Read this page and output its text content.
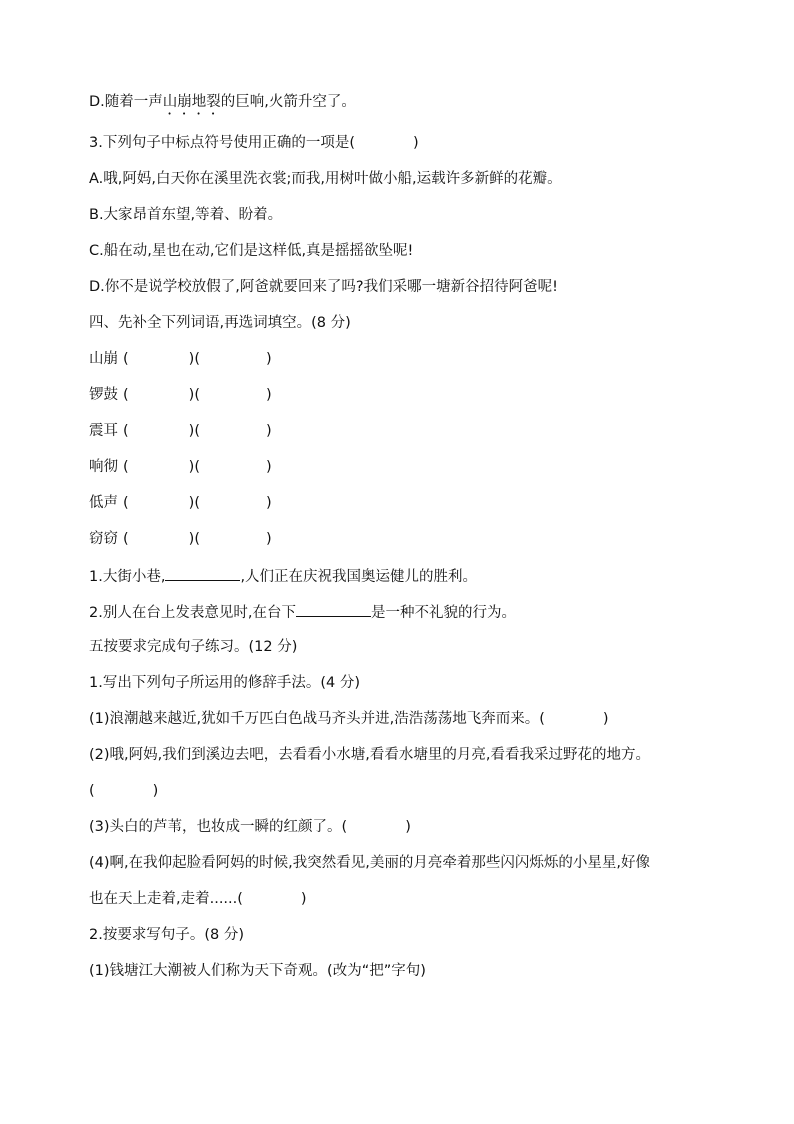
D.随着一声山崩地裂的巨响,火箭升空了。
3.下列句子中标点符号使用正确的一项是(	)
A.哦,阿妈,白天你在溪里洗衣裳;而我,用树叶做小船,运载许多新鲜的花瓣。
B.大家昂首东望,等着、盼着。
C.船在动,星也在动,它们是这样低,真是摇摇欲坠呢!
D.你不是说学校放假了,阿爸就要回来了吗?我们采哪一塘新谷招待阿爸呢!
四、先补全下列词语,再选词填空。(8 分)
山崩 (	)(	)
锣鼓 (	)(	)
震耳 (	)(	)
响彻 (	)(	)
低声 (	)(	)
窃窃 (	)(	)
1.大街小巷,	,人们正在庆祝我国奥运健儿的胜利。
2.别人在台上发表意见时,在台下	是一种不礼貌的行为。
五按要求完成句子练习。(12 分)
1.写出下列句子所运用的修辞手法。(4 分)
(1)浪潮越来越近,犹如千万匹白色战马齐头并进,浩浩荡荡地飞奔而来。(	)
(2)哦,阿妈,我们到溪边去吧，去看看小水塘,看看水塘里的月亮,看看我采过野花的地方。
(	)
(3)头白的芦苇，也妆成一瞬的红颜了。(	)
(4)啊,在我仰起脸看阿妈的时候,我突然看见,美丽的月亮牵着那些闪闪烁烁的小星星,好像
也在天上走着,走着......(	)
2.按要求写句子。(8 分)
(1)钱塘江大潮被人们称为天下奇观。(改为“把”字句)
